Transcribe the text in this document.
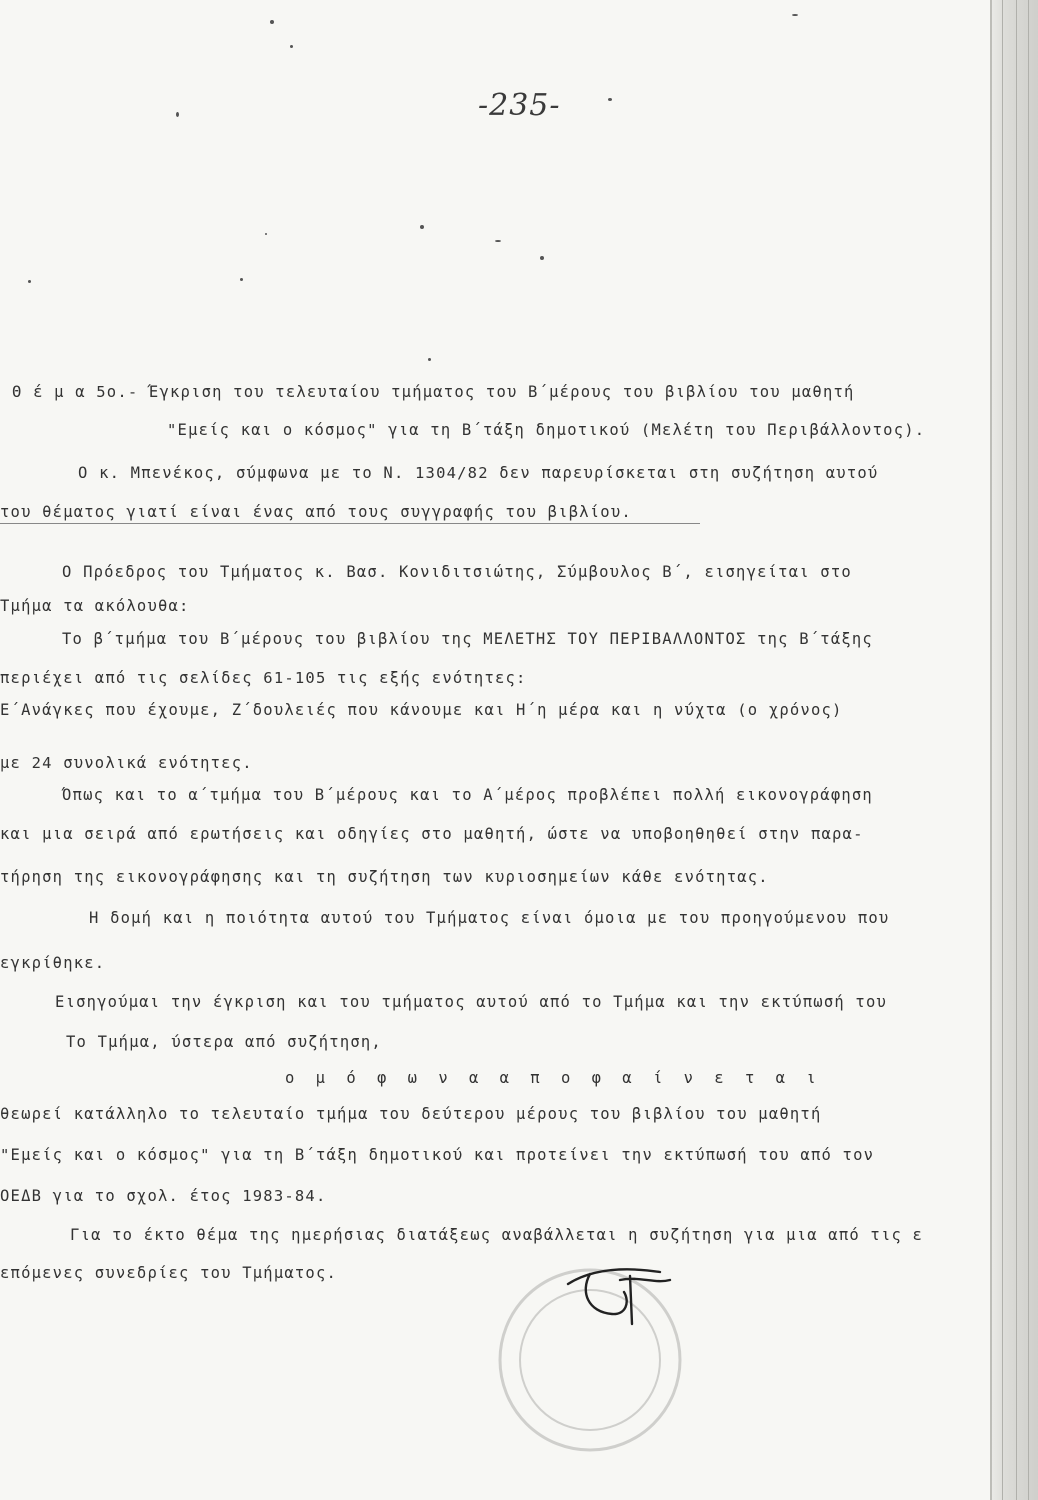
-235-
Θ έ μ α 5ο.- Έγκριση του τελευταίου τμήματος του Β΄μέρους του βιβλίου του μαθητή
"Εμείς και ο κόσμος" για τη Β΄τάξη δημοτικού (Μελέτη του Περιβάλλοντος).
Ο κ. Μπενέκος, σύμφωνα με το Ν. 1304/82 δεν παρευρίσκεται στη συζήτηση αυτού
του θέματος γιατί είναι ένας από τους συγγραφής του βιβλίου.
Ο Πρόεδρος του Τμήματος κ. Βασ. Κονιδιτσιώτης, Σύμβουλος Β΄, εισηγείται στο
Τμήμα τα ακόλουθα:
Το β΄τμήμα του Β΄μέρους του βιβλίου της ΜΕΛΕΤΗΣ ΤΟΥ ΠΕΡΙΒΑΛΛΟΝΤΟΣ της Β΄τάξης
περιέχει από τις σελίδες 61-105 τις εξής ενότητες:
Ε΄Ανάγκες που έχουμε, Ζ΄δουλειές που κάνουμε και Η΄η μέρα και η νύχτα (ο χρόνος)
με 24 συνολικά ενότητες.
Όπως και το α΄τμήμα του Β΄μέρους και το Α΄μέρος προβλέπει πολλή εικονογράφηση
και μια σειρά από ερωτήσεις και οδηγίες στο μαθητή, ώστε να υποβοηθηθεί στην παρα-
τήρηση της εικονογράφησης και τη συζήτηση των κυριοσημείων κάθε ενότητας.
Η δομή και η ποιότητα αυτού του Τμήματος είναι όμοια με του προηγούμενου που
εγκρίθηκε.
Εισηγούμαι την έγκριση και του τμήματος αυτού από το Τμήμα και την εκτύπωσή του
Το Τμήμα, ύστερα από συζήτηση,
ο μ ό φ ω ν α α π ο φ α ί ν ε τ α ι
θεωρεί κατάλληλο το τελευταίο τμήμα του δεύτερου μέρους του βιβλίου του μαθητή
"Εμείς και ο κόσμος" για τη Β΄τάξη δημοτικού και προτείνει την εκτύπωσή του από τον
ΟΕΔΒ για το σχολ. έτος 1983-84.
Για το έκτο θέμα της ημερήσιας διατάξεως αναβάλλεται η συζήτηση για μια από τις ε
επόμενες συνεδρίες του Τμήματος.
